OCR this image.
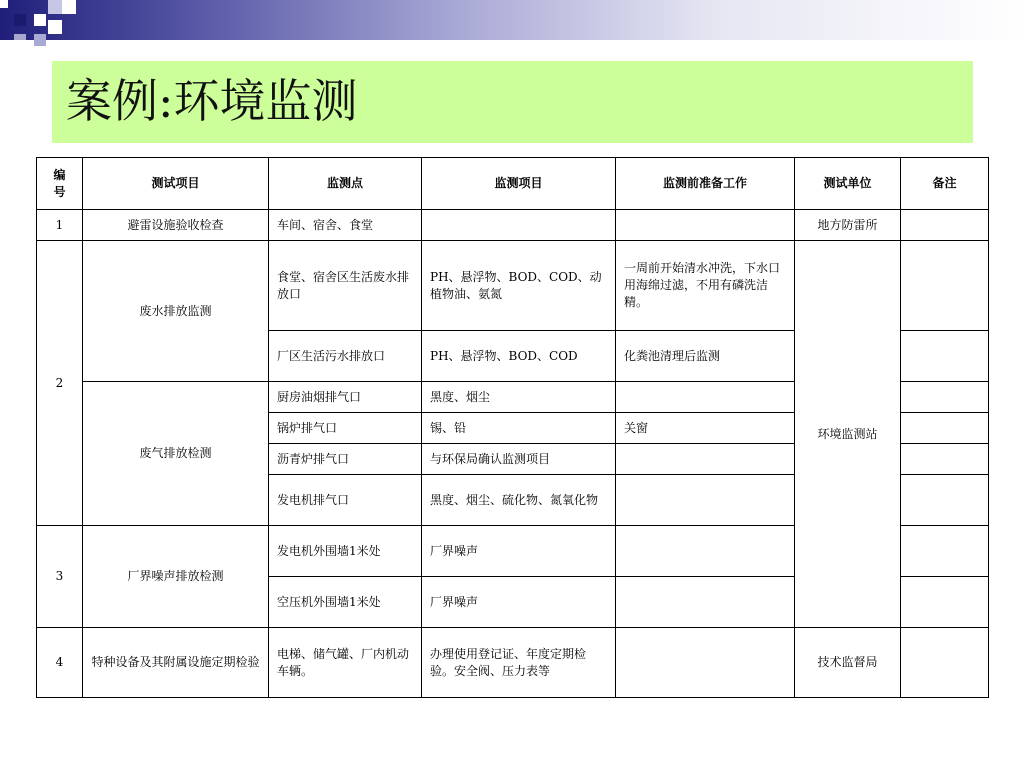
案例:环境监测
编
号	测试项目	监测点	监测项目	监测前准备工作	测试单位	备注
1	避雷设施验收检查	车间、宿舍、食堂			地方防雷所	
2	废水排放监测	食堂、宿舍区生活废水排放口	PH、悬浮物、BOD、COD、动植物油、氨氮	一周前开始清水冲洗，下水口用海绵过滤，不用有磷洗洁精。	环境监测站	
		厂区生活污水排放口	PH、悬浮物、BOD、COD	化粪池清理后监测		
	废气排放检测	厨房油烟排气口	黑度、烟尘			
		锅炉排气口	锡、铅	关窗		
		沥青炉排气口	与环保局确认监测项目			
		发电机排气口	黑度、烟尘、硫化物、氮氧化物			
3	厂界噪声排放检测	发电机外围墙1米处	厂界噪声			
		空压机外围墙1米处	厂界噪声			
4	特种设备及其附属设施定期检验	电梯、储气罐、厂内机动车辆。	办理使用登记证、年度定期检验。安全阀、压力表等		技术监督局	
